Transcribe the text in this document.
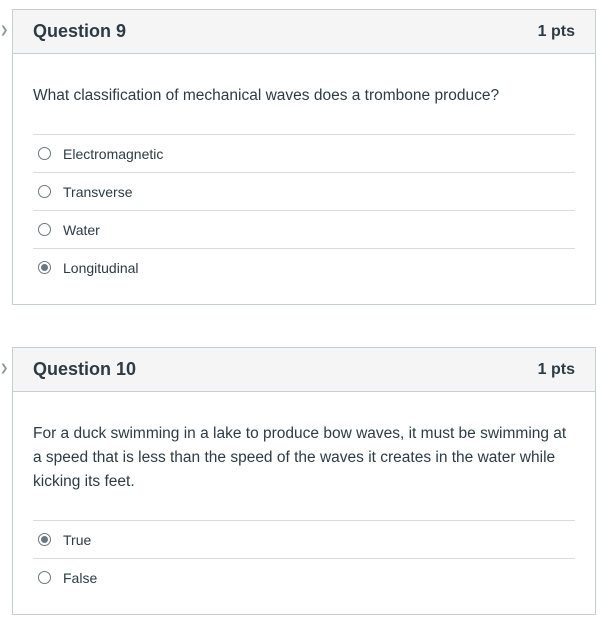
❯ Question 9	1 pts
What classification of mechanical waves does a trombone produce?
Electromagnetic
Transverse
Water
Longitudinal
❯ Question 10	1 pts
For a duck swimming in a lake to produce bow waves, it must be swimming at a speed that is less than the speed of the waves it creates in the water while kicking its feet.
True
False
